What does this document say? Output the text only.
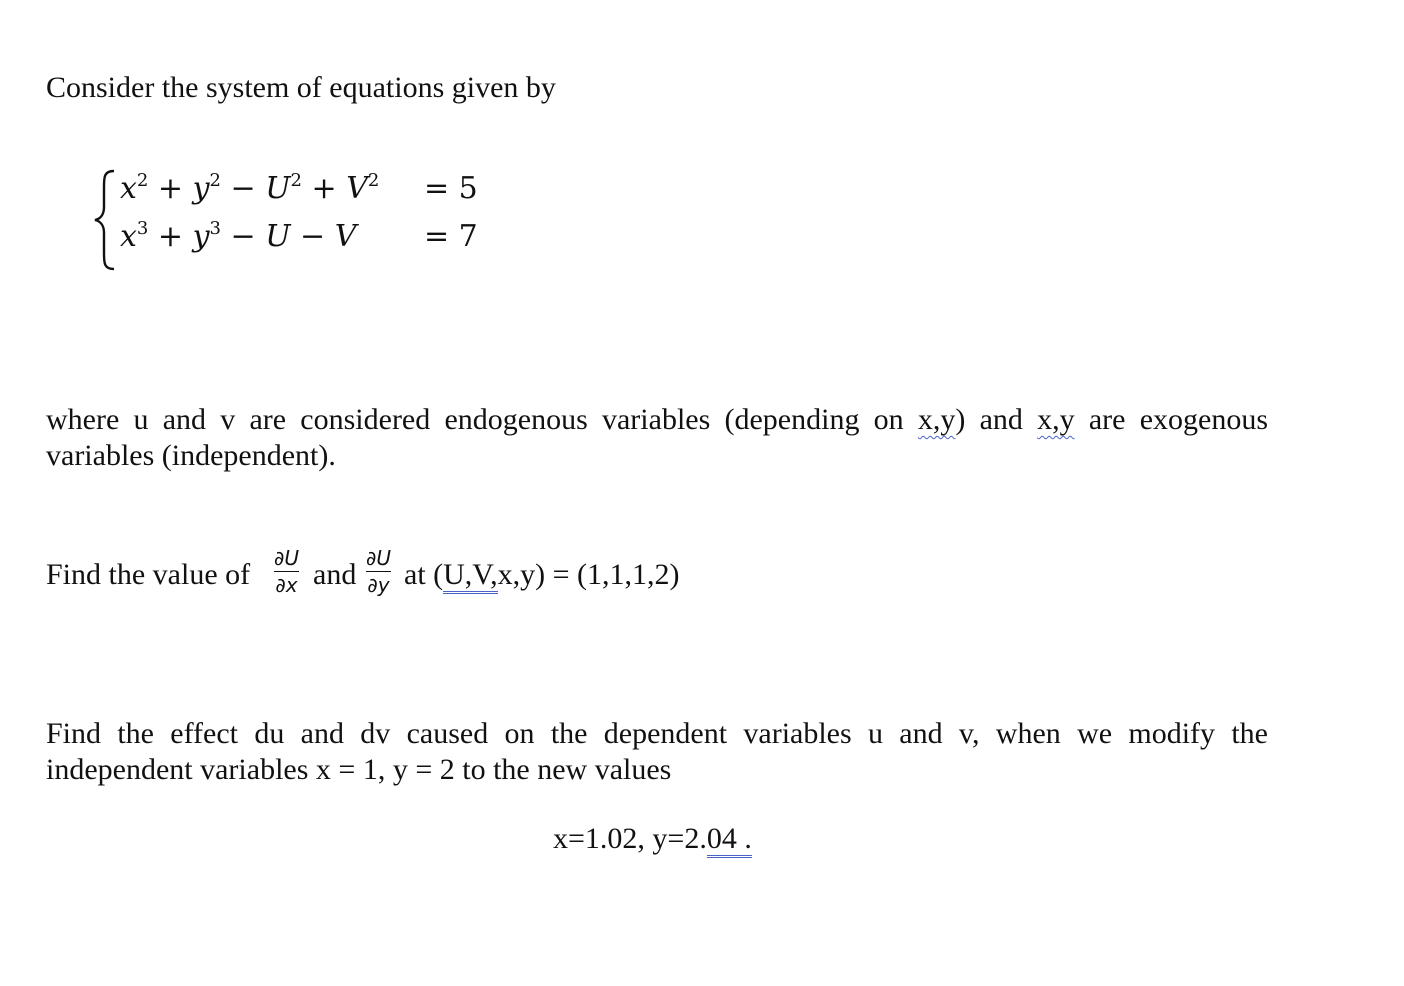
Consider the system of equations given by
$x^2 + y^2 - U^2 + V^2 = 5$
$x^3 + y^3 - U - V = 7$
where u and v are considered endogenous variables (depending on x,y) and x,y are exogenous variables (independent).
Find the value of ∂U
∂x and ∂U
∂y at (U,V,x,y) = (1,1,1,2)
Find the effect du and dv caused on the dependent variables u and v, when we modify the independent variables x = 1, y = 2 to the new values
x=1.02, y=2.04 .
